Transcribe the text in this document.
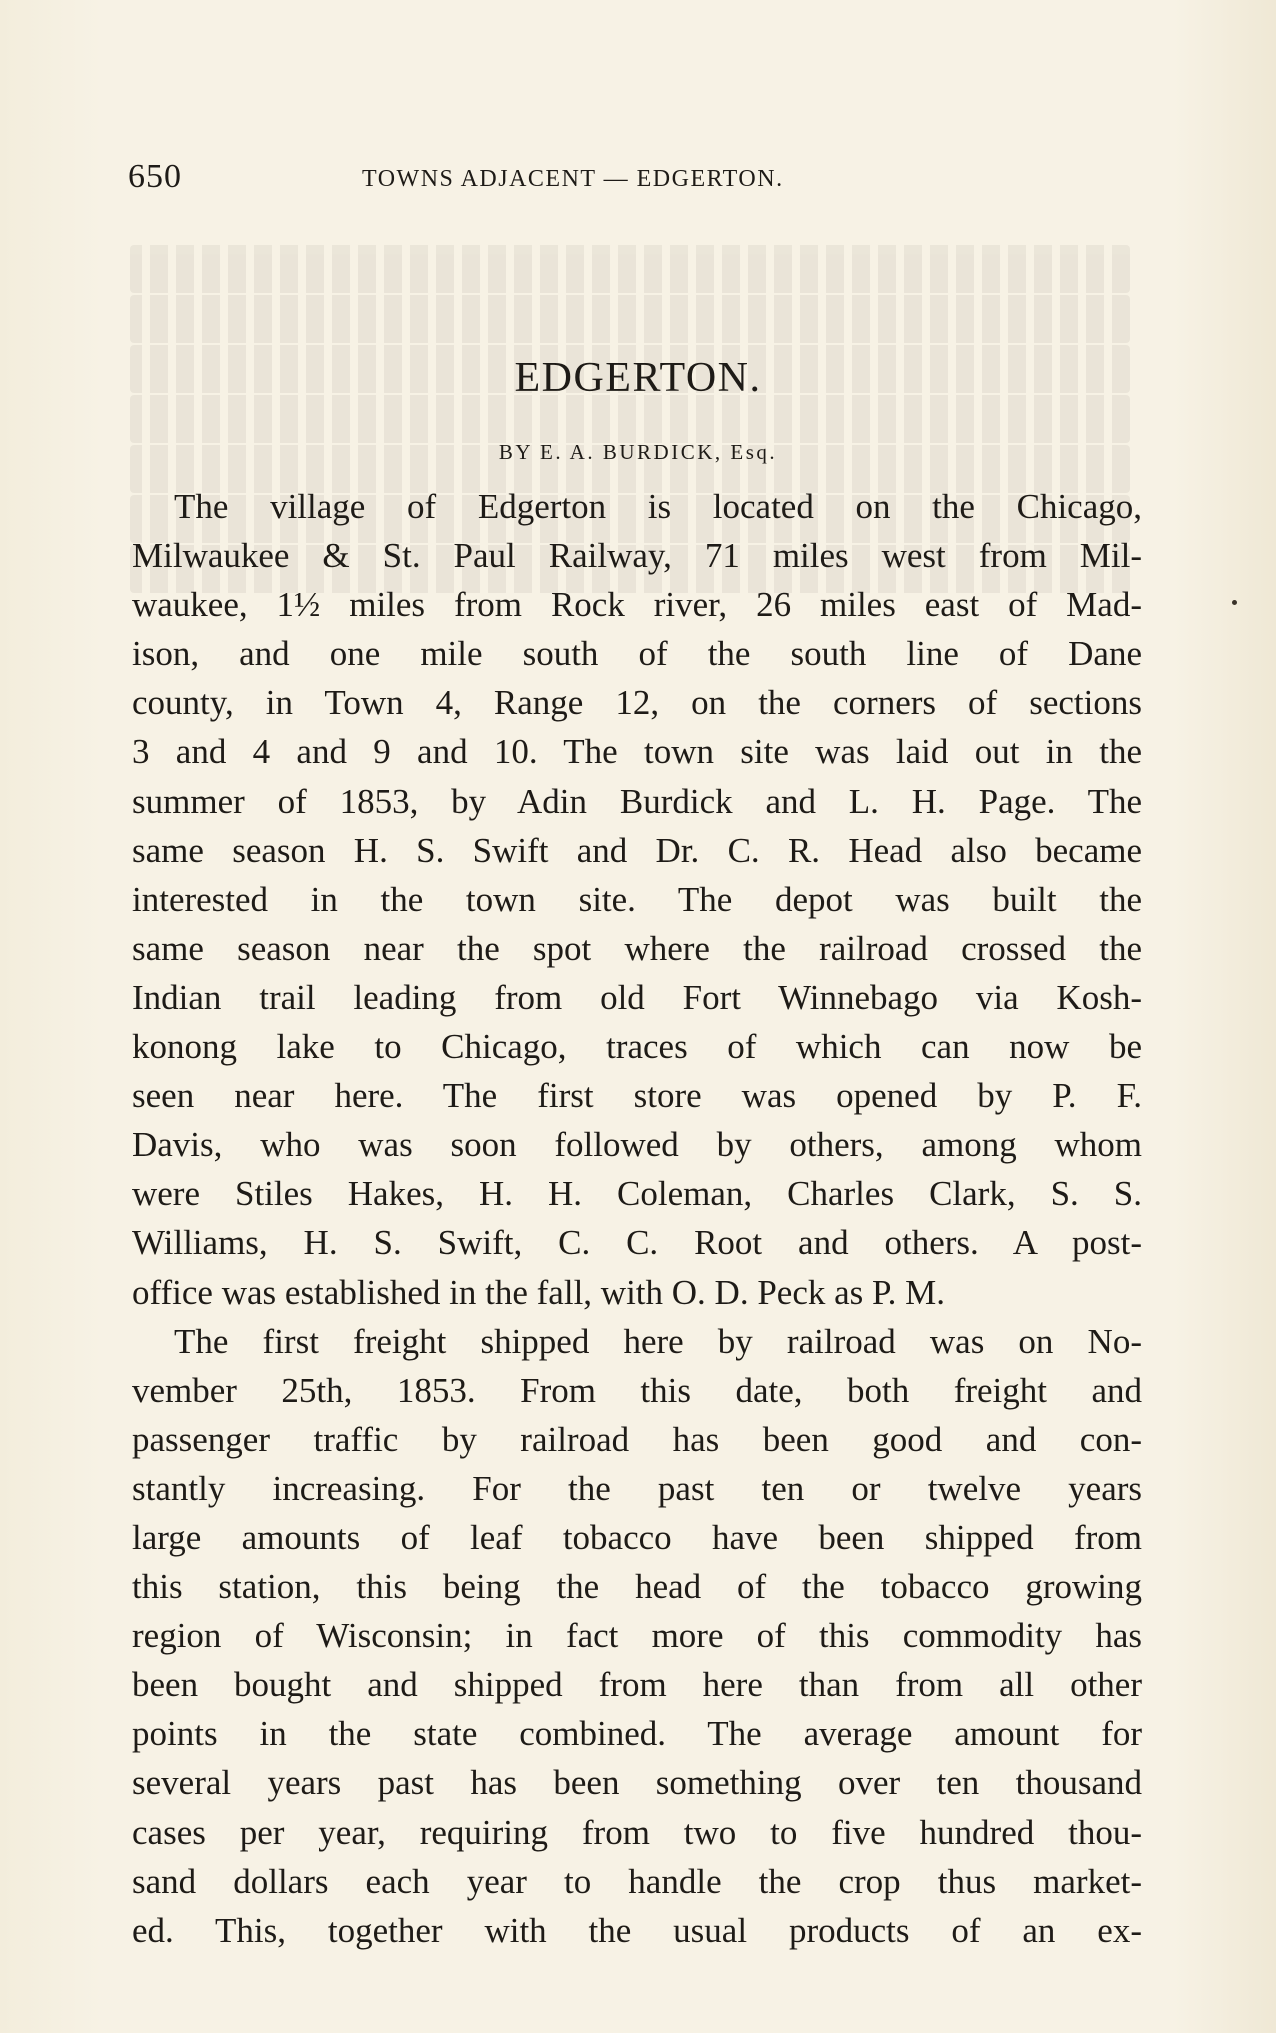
650	TOWNS ADJACENT — EDGERTON.
EDGERTON.
BY E. A. BURDICK, Esq.
The village of Edgerton is located on the Chicago,
Milwaukee & St. Paul Railway, 71 miles west from Mil-
waukee, 1½ miles from Rock river, 26 miles east of Mad-
ison, and one mile south of the south line of Dane
county, in Town 4, Range 12, on the corners of sections
3 and 4 and 9 and 10. The town site was laid out in the
summer of 1853, by Adin Burdick and L. H. Page. The
same season H. S. Swift and Dr. C. R. Head also became
interested in the town site. The depot was built the
same season near the spot where the railroad crossed the
Indian trail leading from old Fort Winnebago via Kosh-
konong lake to Chicago, traces of which can now be
seen near here. The first store was opened by P. F.
Davis, who was soon followed by others, among whom
were Stiles Hakes, H. H. Coleman, Charles Clark, S. S.
Williams, H. S. Swift, C. C. Root and others. A post-
office was established in the fall, with O. D. Peck as P. M.
The first freight shipped here by railroad was on No-
vember 25th, 1853. From this date, both freight and
passenger traffic by railroad has been good and con-
stantly increasing. For the past ten or twelve years
large amounts of leaf tobacco have been shipped from
this station, this being the head of the tobacco growing
region of Wisconsin; in fact more of this commodity has
been bought and shipped from here than from all other
points in the state combined. The average amount for
several years past has been something over ten thousand
cases per year, requiring from two to five hundred thou-
sand dollars each year to handle the crop thus market-
ed. This, together with the usual products of an ex-
